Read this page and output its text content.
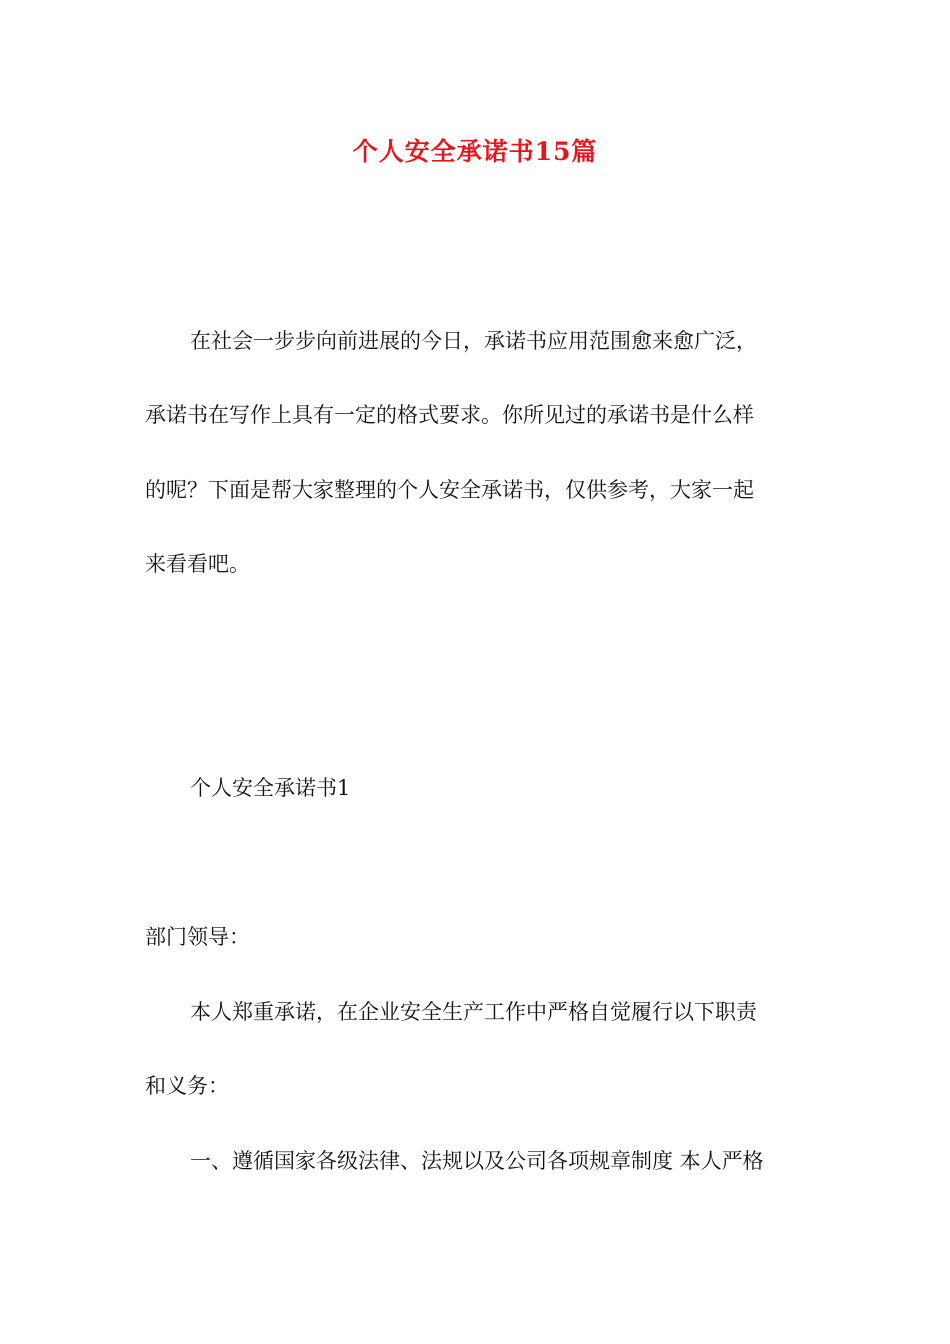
个人安全承诺书15篇
在社会一步步向前进展的今日，承诺书应用范围愈来愈广泛，
承诺书在写作上具有一定的格式要求。你所见过的承诺书是什么样
的呢？下面是帮大家整理的个人安全承诺书，仅供参考，大家一起
来看看吧。
个人安全承诺书1
部门领导：
本人郑重承诺，在企业安全生产工作中严格自觉履行以下职责
和义务：
一、遵循国家各级法律、法规以及公司各项规章制度 本人严格
